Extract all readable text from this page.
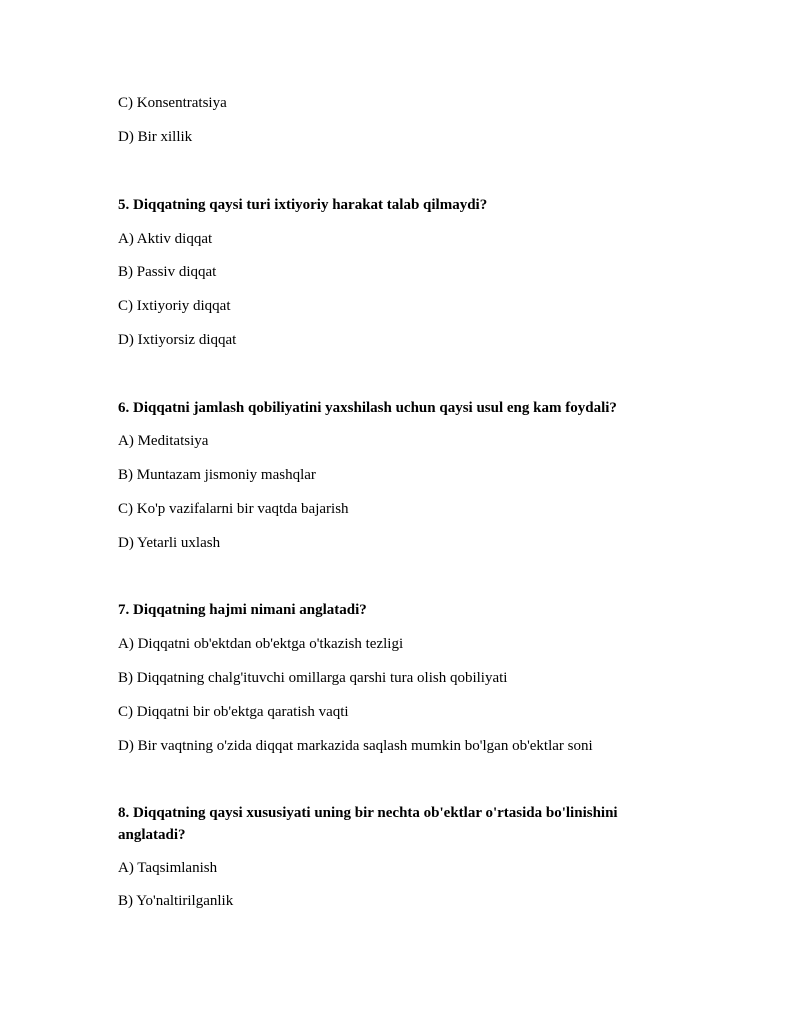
C) Konsentratsiya
D) Bir xillik
5. Diqqatning qaysi turi ixtiyoriy harakat talab qilmaydi?
A) Aktiv diqqat
B) Passiv diqqat
C) Ixtiyoriy diqqat
D) Ixtiyorsiz diqqat
6. Diqqatni jamlash qobiliyatini yaxshilash uchun qaysi usul eng kam foydali?
A) Meditatsiya
B) Muntazam jismoniy mashqlar
C) Ko'p vazifalarni bir vaqtda bajarish
D) Yetarli uxlash
7. Diqqatning hajmi nimani anglatadi?
A) Diqqatni ob'ektdan ob'ektga o'tkazish tezligi
B) Diqqatning chalg'ituvchi omillarga qarshi tura olish qobiliyati
C) Diqqatni bir ob'ektga qaratish vaqti
D) Bir vaqtning o'zida diqqat markazida saqlash mumkin bo'lgan ob'ektlar soni
8. Diqqatning qaysi xususiyati uning bir nechta ob'ektlar o'rtasida bo'linishini anglatadi?
A) Taqsimlanish
B) Yo'naltirilganlik
